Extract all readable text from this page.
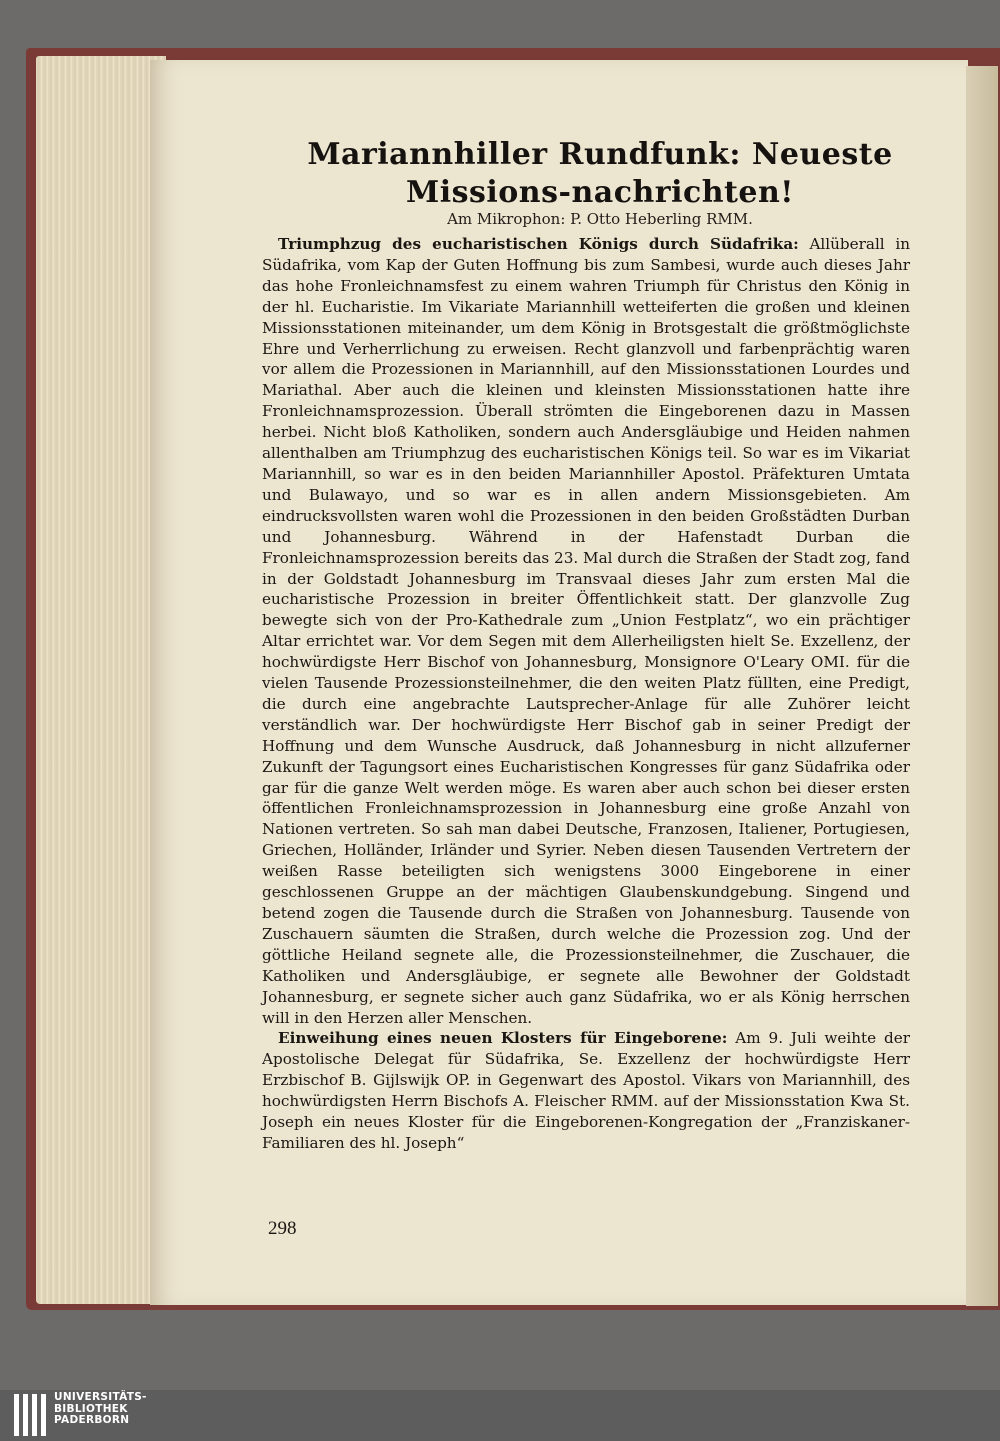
Mariannhiller Rundfunk: Neueste Missions-nachrichten!
Am Mikrophon: P. Otto Heberling RMM.

Triumphzug des eucharistischen Königs durch Südafrika: Allüberall in Südafrika, vom Kap der Guten Hoffnung bis zum Sambesi, wurde auch dieses Jahr das hohe Fronleichnamsfest zu einem wahren Triumph für Christus den König in der hl. Eucharistie. Im Vikariate Mariannhill wetteiferten die großen und kleinen Missionsstationen miteinander, um dem König in Brotsgestalt die größtmöglichste Ehre und Verherrlichung zu erweisen. Recht glanzvoll und farbenprächtig waren vor allem die Prozessionen in Mariannhill, auf den Missionsstationen Lourdes und Mariathal. Aber auch die kleinen und kleinsten Missionsstationen hatte ihre Fronleichnamsprozession. Überall strömten die Eingeborenen dazu in Massen herbei. Nicht bloß Katholiken, sondern auch Andersgläubige und Heiden nahmen allenthalben am Triumphzug des eucharistischen Königs teil. So war es im Vikariat Mariannhill, so war es in den beiden Mariannhiller Apostol. Präfekturen Umtata und Bulawayo, und so war es in allen andern Missionsgebieten. Am eindrucksvollsten waren wohl die Prozessionen in den beiden Großstädten Durban und Johannesburg. Während in der Hafenstadt Durban die Fronleichnamsprozession bereits das 23. Mal durch die Straßen der Stadt zog, fand in der Goldstadt Johannesburg im Transvaal dieses Jahr zum ersten Mal die eucharistische Prozession in breiter Öffentlichkeit statt. Der glanzvolle Zug bewegte sich von der Pro-Kathedrale zum „Union Festplatz“, wo ein prächtiger Altar errichtet war. Vor dem Segen mit dem Allerheiligsten hielt Se. Exzellenz, der hochwürdigste Herr Bischof von Johannesburg, Monsignore O'Leary OMI. für die vielen Tausende Prozessionsteilnehmer, die den weiten Platz füllten, eine Predigt, die durch eine angebrachte Lautsprecher-Anlage für alle Zuhörer leicht verständlich war. Der hochwürdigste Herr Bischof gab in seiner Predigt der Hoffnung und dem Wunsche Ausdruck, daß Johannesburg in nicht allzuferner Zukunft der Tagungsort eines Eucharistischen Kongresses für ganz Südafrika oder gar für die ganze Welt werden möge. Es waren aber auch schon bei dieser ersten öffentlichen Fronleichnamsprozession in Johannesburg eine große Anzahl von Nationen vertreten. So sah man dabei Deutsche, Franzosen, Italiener, Portugiesen, Griechen, Holländer, Irländer und Syrier. Neben diesen Tausenden Vertretern der weißen Rasse beteiligten sich wenigstens 3000 Eingeborene in einer geschlossenen Gruppe an der mächtigen Glaubenskundgebung. Singend und betend zogen die Tausende durch die Straßen von Johannesburg. Tausende von Zuschauern säumten die Straßen, durch welche die Prozession zog. Und der göttliche Heiland segnete alle, die Prozessionsteilnehmer, die Zuschauer, die Katholiken und Andersgläubige, er segnete alle Bewohner der Goldstadt Johannesburg, er segnete sicher auch ganz Südafrika, wo er als König herrschen will in den Herzen aller Menschen.

Einweihung eines neuen Klosters für Eingeborene: Am 9. Juli weihte der Apostolische Delegat für Südafrika, Se. Exzellenz der hochwürdigste Herr Erzbischof B. Gijlswijk OP. in Gegenwart des Apostol. Vikars von Mariannhill, des hochwürdigsten Herrn Bischofs A. Fleischer RMM. auf der Missionsstation Kwa St. Joseph ein neues Kloster für die Eingeborenen-Kongregation der „Franziskaner-Familiaren des hl. Joseph“

298
UNIVERSITÄTS-
BIBLIOTHEK
PADERBORN
